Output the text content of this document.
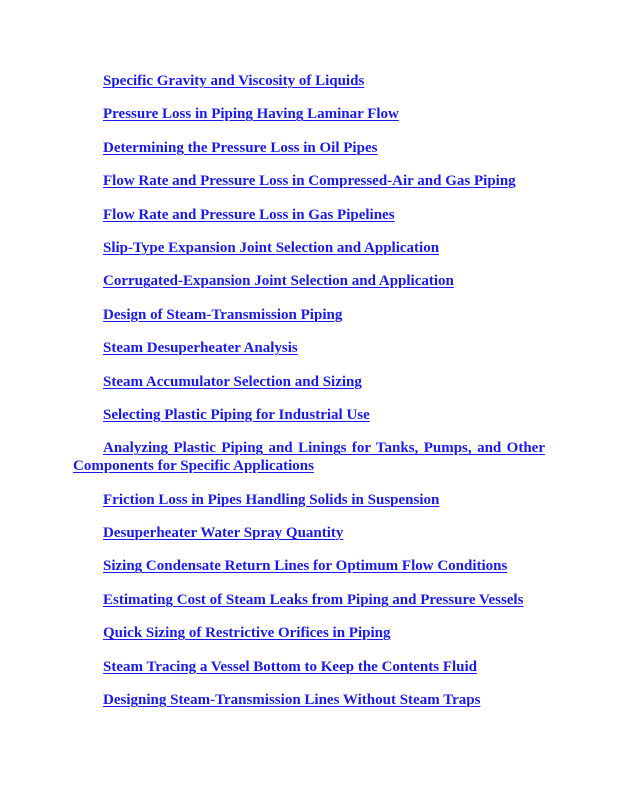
Specific Gravity and Viscosity of Liquids
Pressure Loss in Piping Having Laminar Flow
Determining the Pressure Loss in Oil Pipes
Flow Rate and Pressure Loss in Compressed-Air and Gas Piping
Flow Rate and Pressure Loss in Gas Pipelines
Slip-Type Expansion Joint Selection and Application
Corrugated-Expansion Joint Selection and Application
Design of Steam-Transmission Piping
Steam Desuperheater Analysis
Steam Accumulator Selection and Sizing
Selecting Plastic Piping for Industrial Use
Analyzing Plastic Piping and Linings for Tanks, Pumps, and Other Components for Specific Applications
Friction Loss in Pipes Handling Solids in Suspension
Desuperheater Water Spray Quantity
Sizing Condensate Return Lines for Optimum Flow Conditions
Estimating Cost of Steam Leaks from Piping and Pressure Vessels
Quick Sizing of Restrictive Orifices in Piping
Steam Tracing a Vessel Bottom to Keep the Contents Fluid
Designing Steam-Transmission Lines Without Steam Traps
